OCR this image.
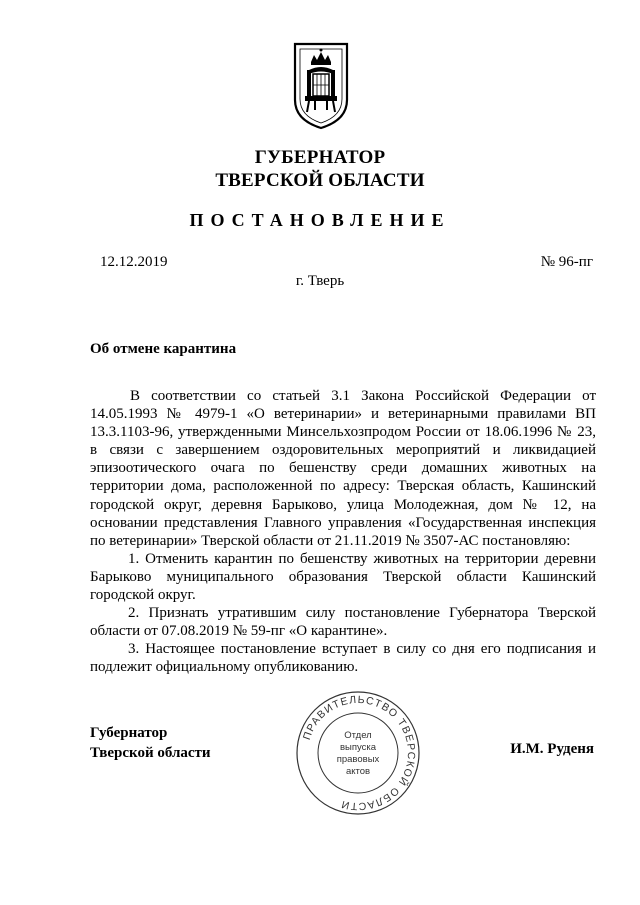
ГУБЕРНАТОР
ТВЕРСКОЙ ОБЛАСТИ
ПОСТАНОВЛЕНИЕ
12.12.2019	№ 96-пг
г. Тверь
Об отмене карантина

В соответствии со статьей 3.1 Закона Российской Федерации от 14.05.1993 № 4979-1 «О ветеринарии» и ветеринарными правилами ВП 13.3.1103-96, утвержденными Минсельхозпродом России от 18.06.1996 № 23, в связи с завершением оздоровительных мероприятий и ликвидацией эпизоотического очага по бешенству среди домашних животных на территории дома, расположенной по адресу: Тверская область, Кашинский городской округ, деревня Барыково, улица Молодежная, дом № 12, на основании представления Главного управления «Государственная инспекция по ветеринарии» Тверской области от 21.11.2019 № 3507-АС постановляю:

1. Отменить карантин по бешенству животных на территории деревни Барыково муниципального образования Тверской области Кашинский городской округ.

2. Признать утратившим силу постановление Губернатора Тверской области от 07.08.2019 № 59-пг «О карантине».

3. Настоящее постановление вступает в силу со дня его подписания и подлежит официальному опубликованию.

Губернатор
Тверской области	И.М. Руденя
ПРАВИТЕЛЬСТВО ТВЕРСКОЙ ОБЛАСТИ
Отдел
выпуска
правовых
актов
